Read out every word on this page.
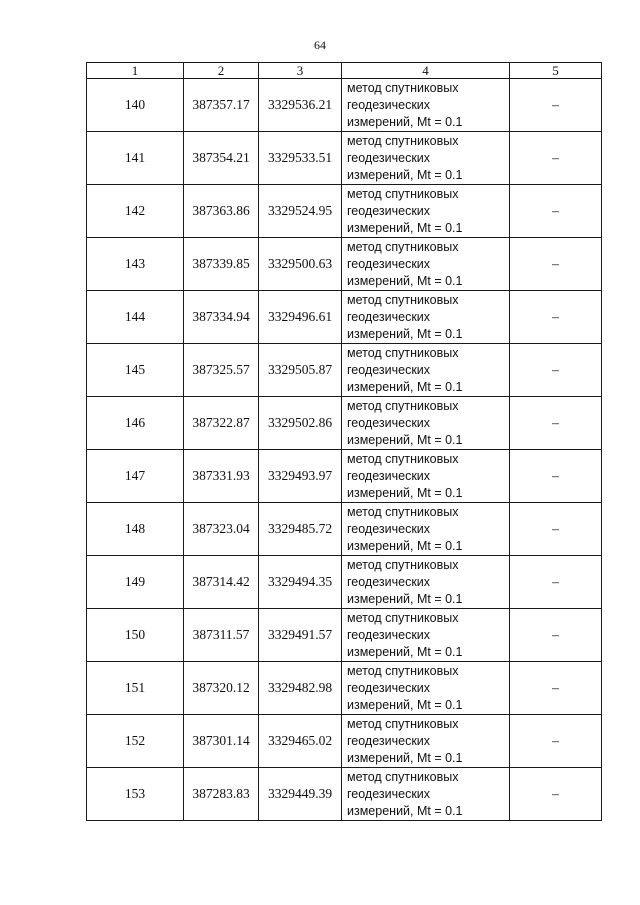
64
1	2	3	4	5
140	387357.17	3329536.21	метод спутниковых
геодезических
измерений, Mt = 0.1	–
141	387354.21	3329533.51	метод спутниковых
геодезических
измерений, Mt = 0.1	–
142	387363.86	3329524.95	метод спутниковых
геодезических
измерений, Mt = 0.1	–
143	387339.85	3329500.63	метод спутниковых
геодезических
измерений, Mt = 0.1	–
144	387334.94	3329496.61	метод спутниковых
геодезических
измерений, Mt = 0.1	–
145	387325.57	3329505.87	метод спутниковых
геодезических
измерений, Mt = 0.1	–
146	387322.87	3329502.86	метод спутниковых
геодезических
измерений, Mt = 0.1	–
147	387331.93	3329493.97	метод спутниковых
геодезических
измерений, Mt = 0.1	–
148	387323.04	3329485.72	метод спутниковых
геодезических
измерений, Mt = 0.1	–
149	387314.42	3329494.35	метод спутниковых
геодезических
измерений, Mt = 0.1	–
150	387311.57	3329491.57	метод спутниковых
геодезических
измерений, Mt = 0.1	–
151	387320.12	3329482.98	метод спутниковых
геодезических
измерений, Mt = 0.1	–
152	387301.14	3329465.02	метод спутниковых
геодезических
измерений, Mt = 0.1	–
153	387283.83	3329449.39	метод спутниковых
геодезических
измерений, Mt = 0.1	–
